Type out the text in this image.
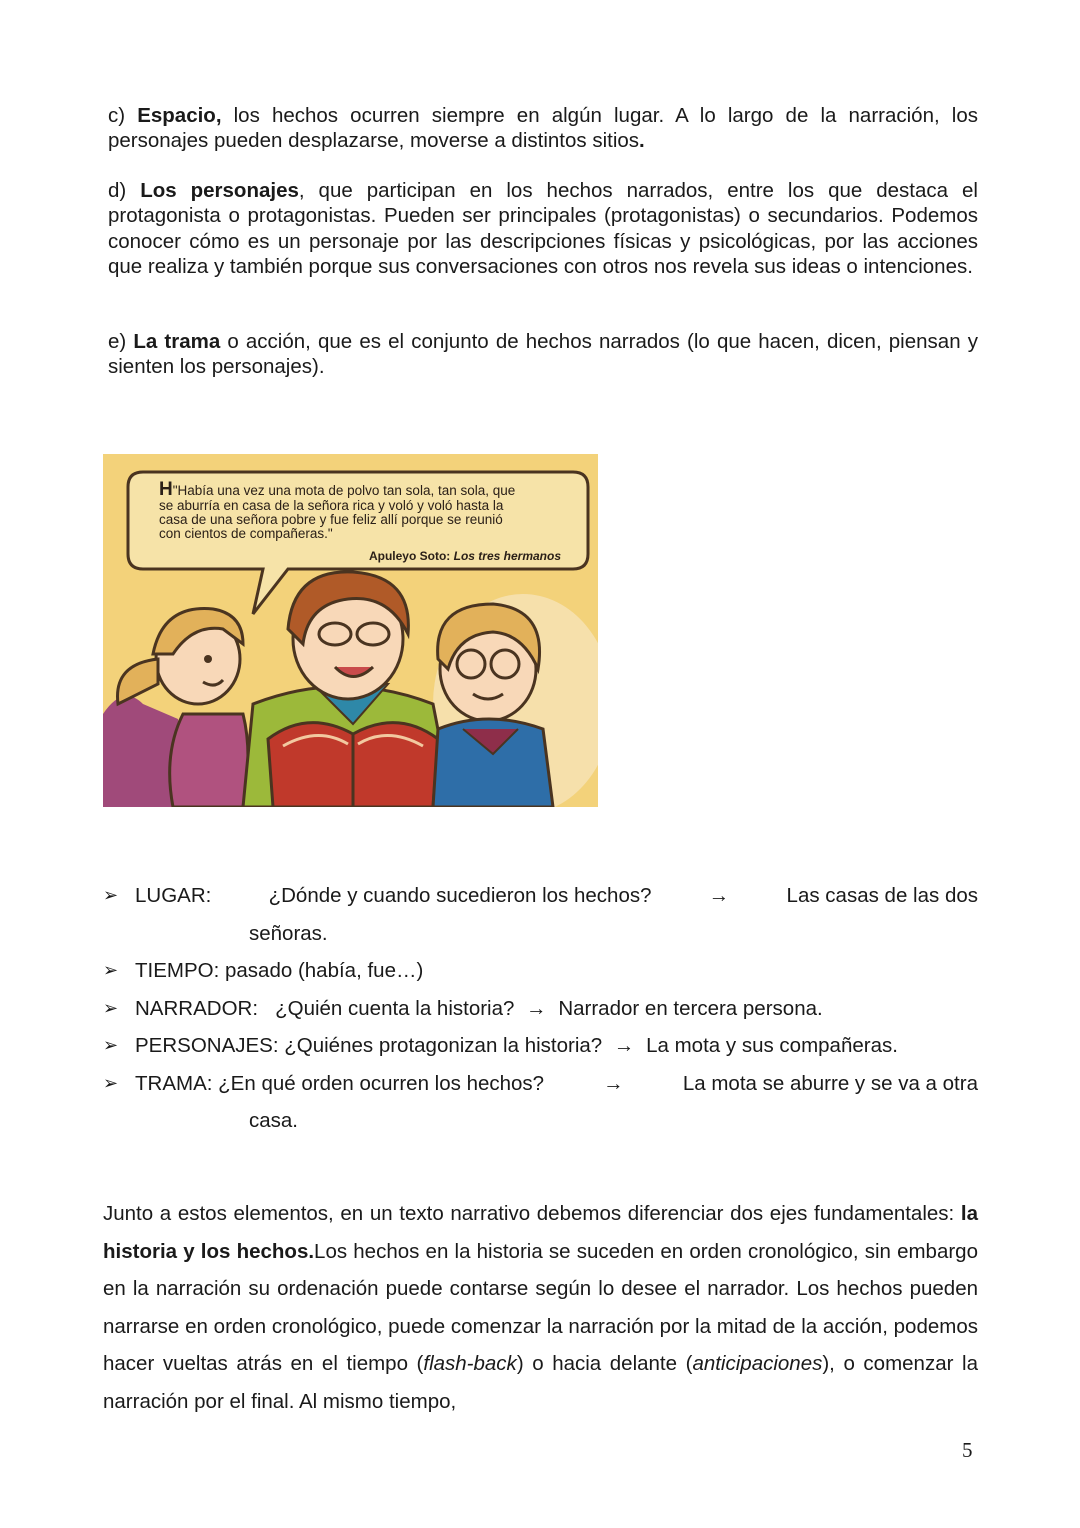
c) Espacio, los hechos ocurren siempre en algún lugar. A lo largo de la narración, los personajes pueden desplazarse, moverse a distintos sitios.

d) Los personajes, que participan en los hechos narrados, entre los que destaca el protagonista o protagonistas. Pueden ser principales (protagonistas) o secundarios. Podemos conocer cómo es un personaje por las descripciones físicas y psicológicas, por las acciones que realiza y también porque sus conversaciones con otros nos revela sus ideas o intenciones.

e) La trama o acción, que es el conjunto de hechos narrados (lo que hacen, dicen, piensan y sienten los personajes).

H"Había una vez una mota de polvo tan sola, tan sola, que
se aburría en casa de la señora rica y voló y voló hasta la
casa de una señora pobre y fue feliz allí porque se reunió
con cientos de compañeras."
Apuleyo Soto: Los tres hermanos
➢ LUGAR:	¿Dónde y cuando sucedieron los hechos?	→	Las casas de las dos
señoras.
➢ TIEMPO: pasado (había, fue…)
➢ NARRADOR: ¿Quién cuenta la historia? → Narrador en tercera persona.
➢ PERSONAJES: ¿Quiénes protagonizan la historia? → La mota y sus compañeras.
➢ TRAMA: ¿En qué orden ocurren los hechos?	→	La mota se aburre y se va a otra
casa.

Junto a estos elementos, en un texto narrativo debemos diferenciar dos ejes fundamentales: la historia y los hechos.Los hechos en la historia se suceden en orden cronológico, sin embargo en la narración su ordenación puede contarse según lo desee el narrador. Los hechos pueden narrarse en orden cronológico, puede comenzar la narración por la mitad de la acción, podemos hacer vueltas atrás en el tiempo (flash-back) o hacia delante (anticipaciones), o comenzar la narración por el final. Al mismo tiempo,

5
